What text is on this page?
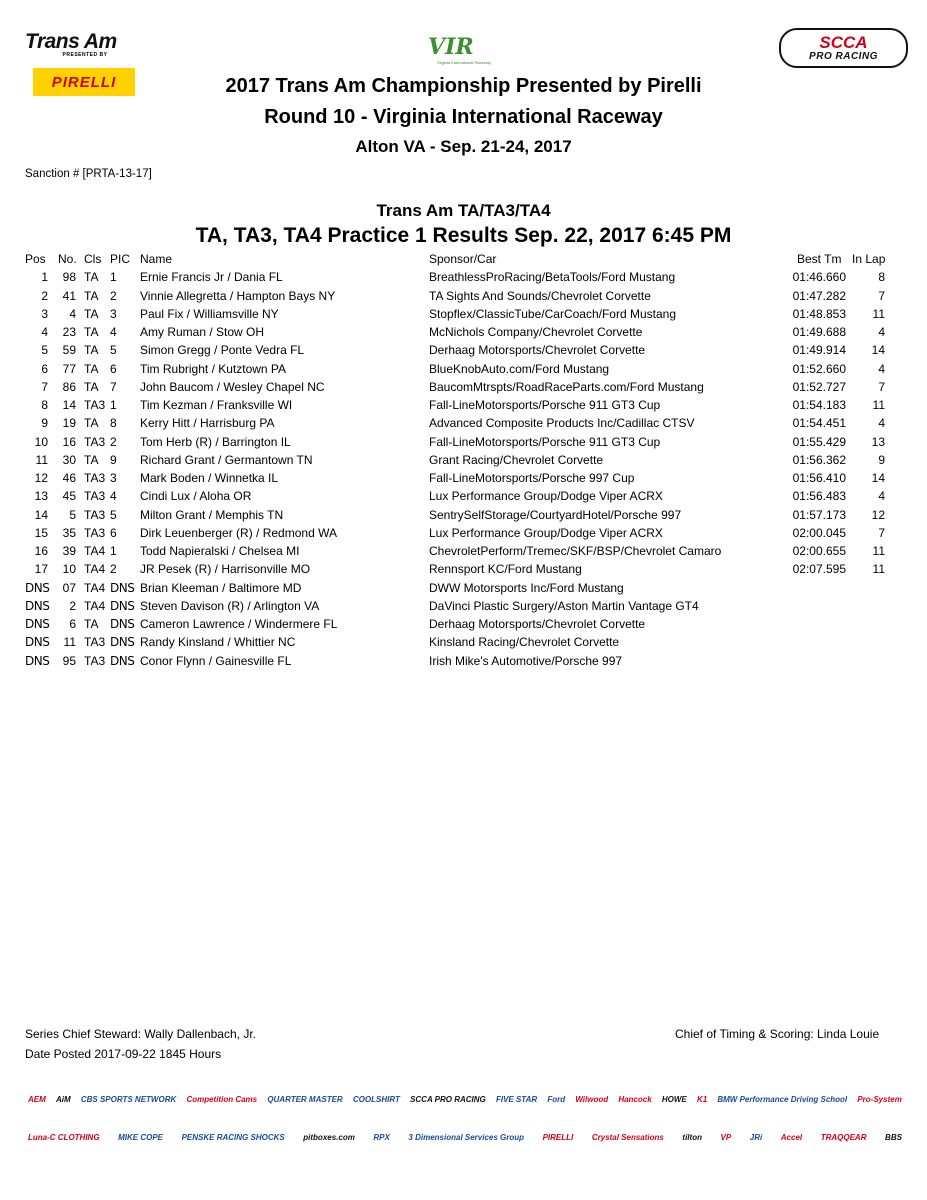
Trans Am
PRESENTED BY
PIRELLI
VIR
Virginia International Raceway
SCCA
PRO RACING
2017 Trans Am Championship Presented by Pirelli
Round 10 - Virginia International Raceway
Alton VA - Sep. 21-24, 2017
Sanction # [PRTA-13-17]
Trans Am TA/TA3/TA4
TA, TA3, TA4 Practice 1 Results Sep. 22, 2017 6:45 PM
Pos No. Cls PIC Name	Sponsor/Car	Best Tm In Lap
1	98 TA 1 Ernie Francis Jr / Dania FL	BreathlessProRacing/BetaTools/Ford Mustang	01:46.660	8
2	41 TA 2 Vinnie Allegretta / Hampton Bays NY	TA Sights And Sounds/Chevrolet Corvette	01:47.282	7
3	4 TA 3 Paul Fix / Williamsville NY	Stopflex/ClassicTube/CarCoach/Ford Mustang	01:48.853	11
4	23 TA 4 Amy Ruman / Stow OH	McNichols Company/Chevrolet Corvette	01:49.688	4
5	59 TA 5 Simon Gregg / Ponte Vedra FL	Derhaag Motorsports/Chevrolet Corvette	01:49.914	14
6	77 TA 6 Tim Rubright / Kutztown PA	BlueKnobAuto.com/Ford Mustang	01:52.660	4
7	86 TA 7 John Baucom / Wesley Chapel NC	BaucomMtrspts/RoadRaceParts.com/Ford Mustang	01:52.727	7
8	14 TA3 1 Tim Kezman / Franksville WI	Fall-LineMotorsports/Porsche 911 GT3 Cup	01:54.183	11
9	19 TA 8 Kerry Hitt / Harrisburg PA	Advanced Composite Products Inc/Cadillac CTSV	01:54.451	4
10	16 TA3 2 Tom Herb (R) / Barrington IL	Fall-LineMotorsports/Porsche 911 GT3 Cup	01:55.429	13
11	30 TA 9 Richard Grant / Germantown TN	Grant Racing/Chevrolet Corvette	01:56.362	9
12	46 TA3 3 Mark Boden / Winnetka IL	Fall-LineMotorsports/Porsche 997 Cup	01:56.410	14
13	45 TA3 4 Cindi Lux / Aloha OR	Lux Performance Group/Dodge Viper ACRX	01:56.483	4
14	5 TA3 5 Milton Grant / Memphis TN	SentrySelfStorage/CourtyardHotel/Porsche 997	01:57.173	12
15	35 TA3 6 Dirk Leuenberger (R) / Redmond WA	Lux Performance Group/Dodge Viper ACRX	02:00.045	7
16	39 TA4 1 Todd Napieralski / Chelsea MI	ChevroletPerform/Tremec/SKF/BSP/Chevrolet Camaro	02:00.655	11
17	10 TA4 2 JR Pesek (R) / Harrisonville MO	Rennsport KC/Ford Mustang	02:07.595	11
DNS	07 TA4 DNS Brian Kleeman / Baltimore MD	DWW Motorsports Inc/Ford Mustang
DNS	2 TA4 DNS Steven Davison (R) / Arlington VA	DaVinci Plastic Surgery/Aston Martin Vantage GT4
DNS	6 TA DNS Cameron Lawrence / Windermere FL	Derhaag Motorsports/Chevrolet Corvette
DNS	11 TA3 DNS Randy Kinsland / Whittier NC	Kinsland Racing/Chevrolet Corvette
DNS	95 TA3 DNS Conor Flynn / Gainesville FL	Irish Mike's Automotive/Porsche 997
Series Chief Steward: Wally Dallenbach, Jr.
Date Posted 2017-09-22 1845 Hours
Chief of Timing & Scoring: Linda Louie
AEM	AiM	CBS SPORTS NETWORK	Competition Cams	QUARTER MASTER	COOLSHIRT	SCCA PRO RACING	FIVE STAR	Ford	Wilwood	Hancock	HOWE	K1	BMW Performance Driving School	Pro-System
Luna-C CLOTHING	MIKE COPE	PENSKE RACING SHOCKS	pitboxes.com	RPX	3 Dimensional Services Group	PIRELLI	Crystal Sensations	tilton	VP	JRi	Accel	TRAQQEAR	BBS
